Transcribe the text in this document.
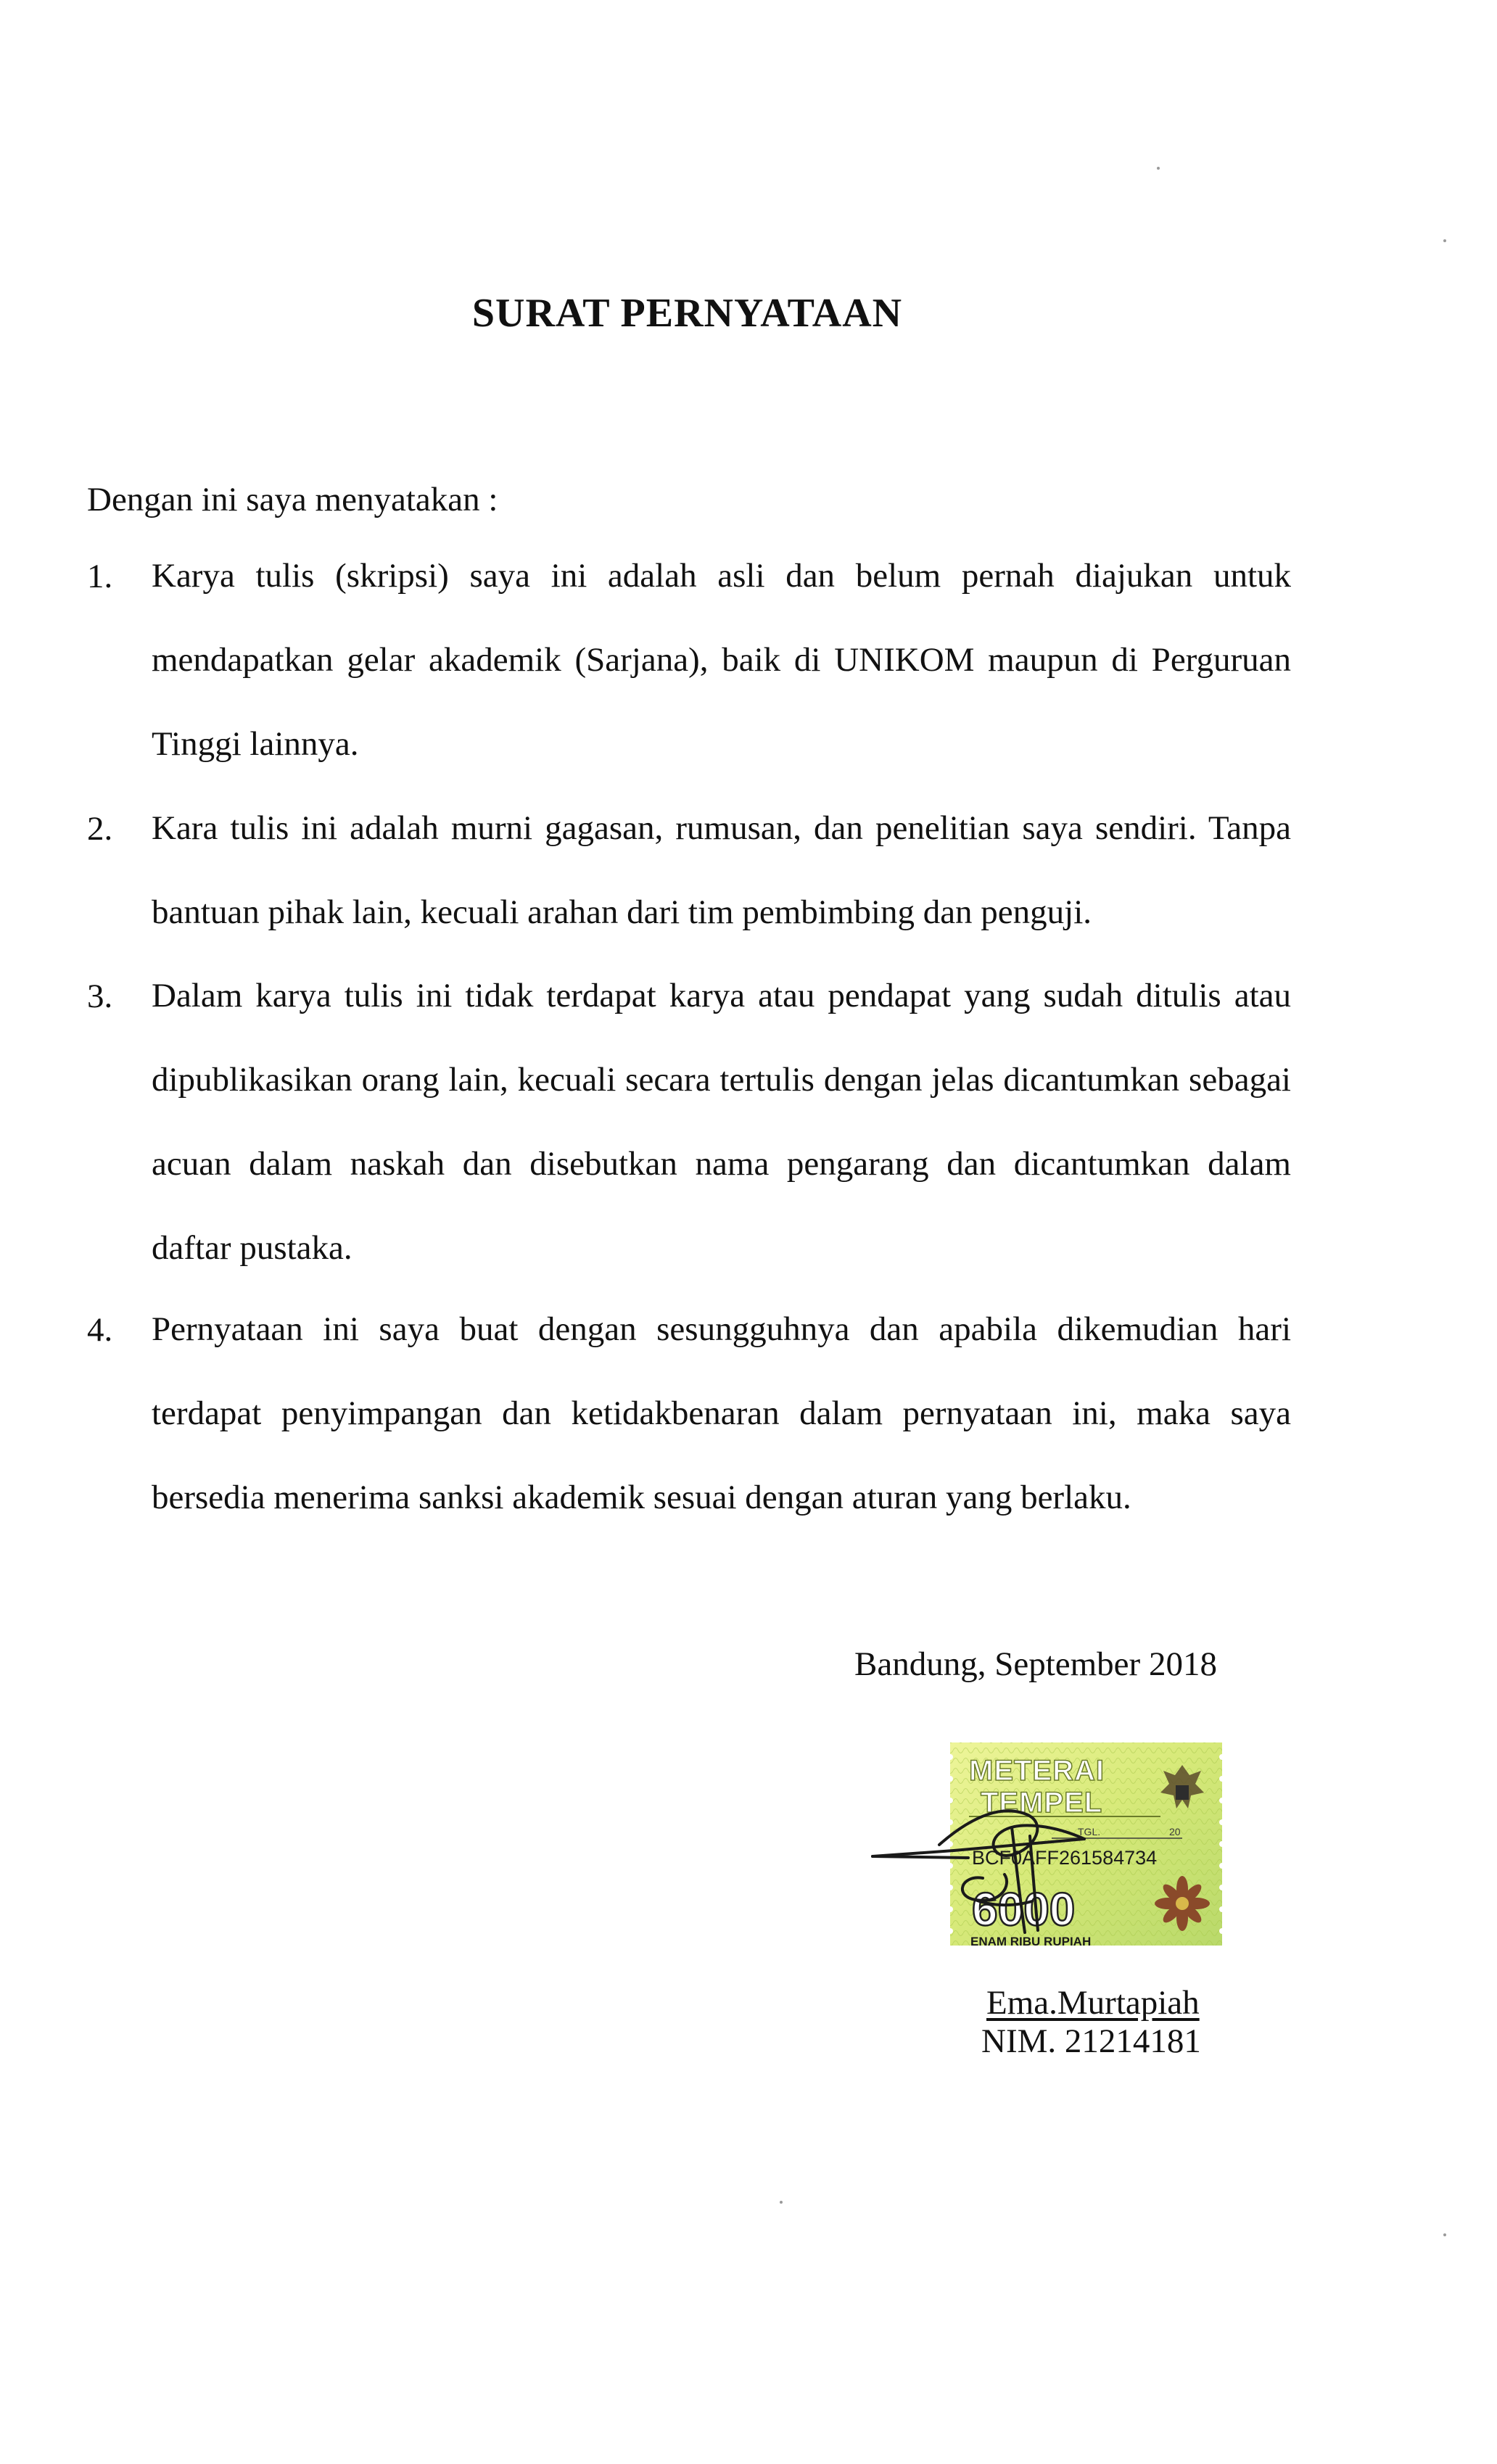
SURAT PERNYATAAN
Dengan ini saya menyatakan :
1.	Karya tulis (skripsi) saya ini adalah asli dan belum pernah diajukan untuk mendapatkan gelar akademik (Sarjana), baik di UNIKOM maupun di Perguruan Tinggi lainnya.
2.	Kara tulis ini adalah murni gagasan, rumusan, dan penelitian saya sendiri. Tanpa bantuan pihak lain, kecuali arahan dari tim pembimbing dan penguji.
3.	Dalam karya tulis ini tidak terdapat karya atau pendapat yang sudah ditulis atau dipublikasikan orang lain, kecuali secara tertulis dengan jelas dicantumkan sebagai acuan dalam naskah dan disebutkan nama pengarang dan dicantumkan dalam daftar pustaka.
4.	Pernyataan ini saya buat dengan sesungguhnya dan apabila dikemudian hari terdapat penyimpangan dan ketidakbenaran dalam pernyataan ini, maka saya bersedia menerima sanksi akademik sesuai dengan aturan yang berlaku.
Bandung, September 2018
METERAI
TEMPEL
TGL.	20
BCF0AFF261584734
6000
ENAM RIBU RUPIAH
Ema.Murtapiah
NIM. 21214181
